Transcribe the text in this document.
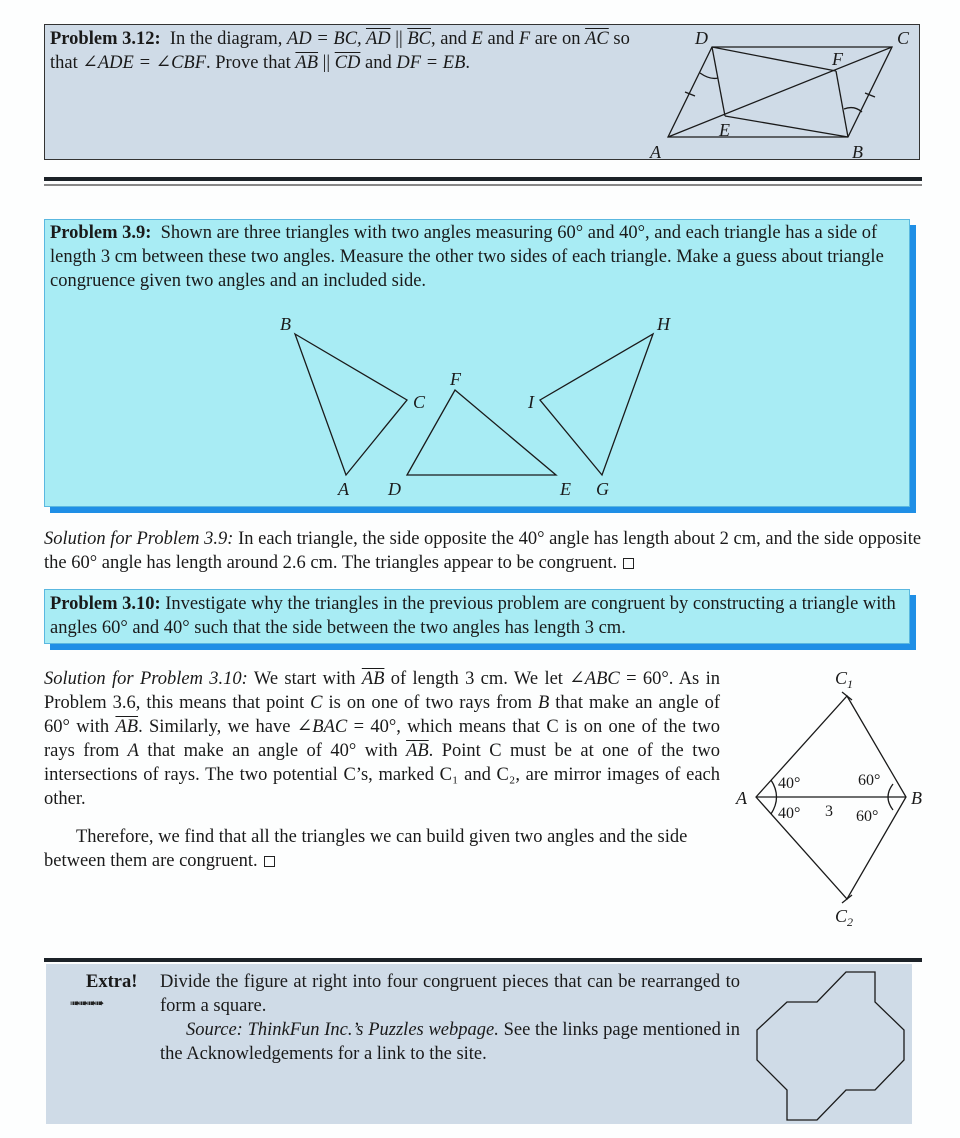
Problem 3.12: In the diagram, AD = BC, $\overline{AD}$ || $\overline{BC}$, and E and F are on $\overline{AC}$ so that ∠ADE = ∠CBF. Prove that $\overline{AB}$ || $\overline{CD}$ and DF = EB.
D	C
F
E
A	B
Problem 3.9: Shown are three triangles with two angles measuring 60° and 40°, and each triangle has a side of length 3 cm between these two angles. Measure the other two sides of each triangle. Make a guess about triangle congruence given two angles and an included side.
B
C
A
F
D	E
H
I
G
Solution for Problem 3.9: In each triangle, the side opposite the 40° angle has length about 2 cm, and the side opposite the 60° angle has length around 2.6 cm. The triangles appear to be congruent.
Problem 3.10: Investigate why the triangles in the previous problem are congruent by constructing a triangle with angles 60° and 40° such that the side between the two angles has length 3 cm.
Solution for Problem 3.10: We start with $\overline{AB}$ of length 3 cm. We let ∠ABC = 60°. As in Problem 3.6, this means that point C is on one of two rays from B that make an angle of 60° with $\overline{AB}$. Similarly, we have ∠BAC = 40°, which means that C is on one of the two rays from A that make an angle of 40° with $\overline{AB}$. Point C must be at one of the two intersections of rays. The two potential C’s, marked C₁ and C₂, are mirror images of each other.
Therefore, we find that all the triangles we can build given two angles and the side between them are congruent.
$C_1$
$C_2$
A	B
40°
40°
60°
60°
3
Extra!
➠➠➠➠
Divide the figure at right into four congruent pieces that can be rearranged to form a square.
Source: ThinkFun Inc.’s Puzzles webpage. See the links page mentioned in the Acknowledgements for a link to the site.
